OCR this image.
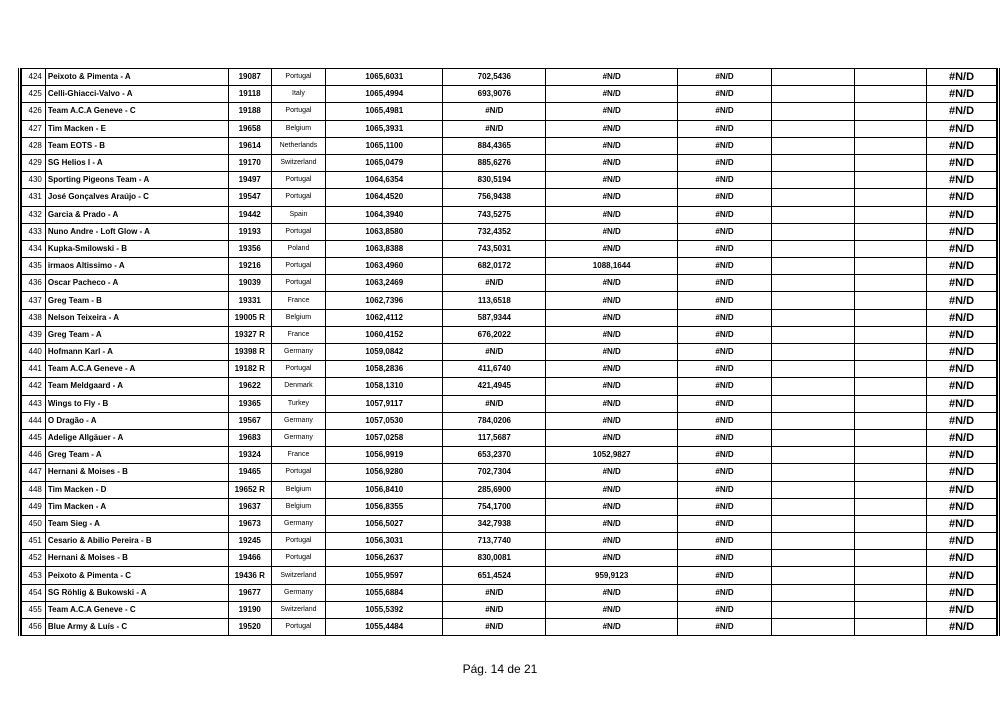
424	Peixoto & Pimenta - A	19087	Portugal	1065,6031	702,5436	#N/D	#N/D			#N/D
425	Celli-Ghiacci-Valvo - A	19118	Italy	1065,4994	693,9076	#N/D	#N/D			#N/D
426	Team A.C.A Geneve - C	19188	Portugal	1065,4981	#N/D	#N/D	#N/D			#N/D
427	Tim Macken - E	19658	Belgium	1065,3931	#N/D	#N/D	#N/D			#N/D
428	Team EOTS - B	19614	Netherlands	1065,1100	884,4365	#N/D	#N/D			#N/D
429	SG Helios I - A	19170	Switzerland	1065,0479	885,6276	#N/D	#N/D			#N/D
430	Sporting Pigeons Team - A	19497	Portugal	1064,6354	830,5194	#N/D	#N/D			#N/D
431	José Gonçalves Araújo - C	19547	Portugal	1064,4520	756,9438	#N/D	#N/D			#N/D
432	Garcia & Prado - A	19442	Spain	1064,3940	743,5275	#N/D	#N/D			#N/D
433	Nuno Andre - Loft Glow - A	19193	Portugal	1063,8580	732,4352	#N/D	#N/D			#N/D
434	Kupka-Smilowski - B	19356	Poland	1063,8388	743,5031	#N/D	#N/D			#N/D
435	irmaos Altissimo - A	19216	Portugal	1063,4960	682,0172	1088,1644	#N/D			#N/D
436	Oscar Pacheco - A	19039	Portugal	1063,2469	#N/D	#N/D	#N/D			#N/D
437	Greg Team - B	19331	France	1062,7396	113,6518	#N/D	#N/D			#N/D
438	Nelson Teixeira - A	19005 R	Belgium	1062,4112	587,9344	#N/D	#N/D			#N/D
439	Greg Team - A	19327 R	France	1060,4152	676,2022	#N/D	#N/D			#N/D
440	Hofmann Karl - A	19398 R	Germany	1059,0842	#N/D	#N/D	#N/D			#N/D
441	Team A.C.A Geneve - A	19182 R	Portugal	1058,2836	411,6740	#N/D	#N/D			#N/D
442	Team Meldgaard - A	19622	Denmark	1058,1310	421,4945	#N/D	#N/D			#N/D
443	Wings to Fly - B	19365	Turkey	1057,9117	#N/D	#N/D	#N/D			#N/D
444	O Dragão - A	19567	Germany	1057,0530	784,0206	#N/D	#N/D			#N/D
445	Adelige Allgäuer - A	19683	Germany	1057,0258	117,5687	#N/D	#N/D			#N/D
446	Greg Team - A	19324	France	1056,9919	653,2370	1052,9827	#N/D			#N/D
447	Hernani & Moises - B	19465	Portugal	1056,9280	702,7304	#N/D	#N/D			#N/D
448	Tim Macken - D	19652 R	Belgium	1056,8410	285,6900	#N/D	#N/D			#N/D
449	Tim Macken - A	19637	Belgium	1056,8355	754,1700	#N/D	#N/D			#N/D
450	Team Sieg - A	19673	Germany	1056,5027	342,7938	#N/D	#N/D			#N/D
451	Cesario & Abilio Pereira - B	19245	Portugal	1056,3031	713,7740	#N/D	#N/D			#N/D
452	Hernani & Moises - B	19466	Portugal	1056,2637	830,0081	#N/D	#N/D			#N/D
453	Peixoto & Pimenta - C	19436 R	Switzerland	1055,9597	651,4524	959,9123	#N/D			#N/D
454	SG Röhlig & Bukowski - A	19677	Germany	1055,6884	#N/D	#N/D	#N/D			#N/D
455	Team A.C.A Geneve - C	19190	Switzerland	1055,5392	#N/D	#N/D	#N/D			#N/D
456	Blue Army & Luís - C	19520	Portugal	1055,4484	#N/D	#N/D	#N/D			#N/D
Pág. 14 de 21
